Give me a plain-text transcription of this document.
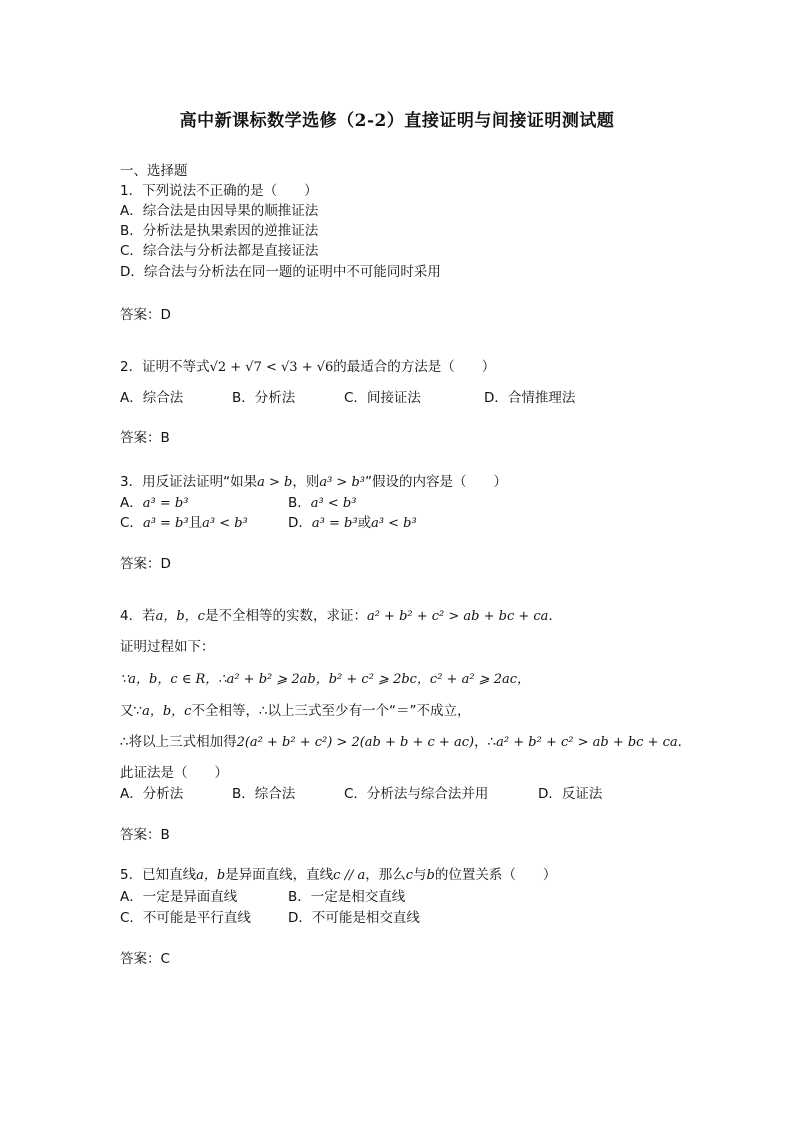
高中新课标数学选修（2-2）直接证明与间接证明测试题
一、选择题
1．下列说法不正确的是（　　）
A．综合法是由因导果的顺推证法
B．分析法是执果索因的逆推证法
C．综合法与分析法都是直接证法
D．综合法与分析法在同一题的证明中不可能同时采用
答案：D
2．证明不等式√2 + √7 < √3 + √6的最适合的方法是（　　）
A．综合法	B．分析法	C．间接证法	D．合情推理法
答案：B
3．用反证法证明“如果a > b，则a³ > b³”假设的内容是（　　）
A．a³ = b³	B．a³ < b³
C．a³ = b³且a³ < b³	D．a³ = b³或a³ < b³
答案：D
4．若a，b，c是不全相等的实数，求证：a² + b² + c² > ab + bc + ca．
证明过程如下：
∵a，b，c ∈ R，∴a² + b² ⩾ 2ab，b² + c² ⩾ 2bc，c² + a² ⩾ 2ac，
又∵a，b，c不全相等，∴以上三式至少有一个“＝”不成立，
∴将以上三式相加得2(a² + b² + c²) > 2(ab + b + c + ac)，∴a² + b² + c² > ab + bc + ca．
此证法是（　　）
A．分析法	B．综合法	C．分析法与综合法并用	D．反证法
答案：B
5．已知直线a，b是异面直线，直线c // a，那么c与b的位置关系（　　）
A．一定是异面直线	B．一定是相交直线
C．不可能是平行直线	D．不可能是相交直线
答案：C
